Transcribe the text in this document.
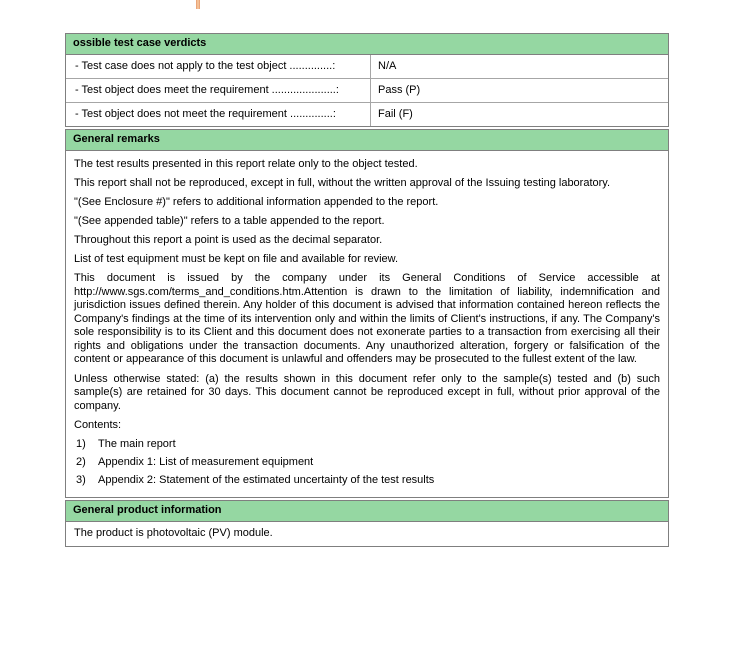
ossible test case verdicts
- Test case does not apply to the test object ..............:	N/A
- Test object does meet the requirement .....................:	Pass (P)
- Test object does not meet the requirement ..............:	Fail (F)
General remarks

The test results presented in this report relate only to the object tested.

This report shall not be reproduced, except in full, without the written approval of the Issuing testing laboratory.

"(See Enclosure #)" refers to additional information appended to the report.

"(See appended table)" refers to a table appended to the report.

Throughout this report a point is used as the decimal separator.

List of test equipment must be kept on file and available for review.

This document is issued by the company under its General Conditions of Service accessible at http://www.sgs.com/terms_and_conditions.htm.Attention is drawn to the limitation of liability, indemnification and jurisdiction issues defined therein. Any holder of this document is advised that information contained hereon reflects the Company's findings at the time of its intervention only and within the limits of Client's instructions, if any. The Company's sole responsibility is to its Client and this document does not exonerate parties to a transaction from exercising all their rights and obligations under the transaction documents. Any unauthorized alteration, forgery or falsification of the content or appearance of this document is unlawful and offenders may be prosecuted to the fullest extent of the law.

Unless otherwise stated: (a) the results shown in this document refer only to the sample(s) tested and (b) such sample(s) are retained for 30 days. This document cannot be reproduced except in full, without prior approval of the company.

Contents:

1)	The main report
2)	Appendix 1: List of measurement equipment
3)	Appendix 2: Statement of the estimated uncertainty of the test results
General product information
The product is photovoltaic (PV) module.
